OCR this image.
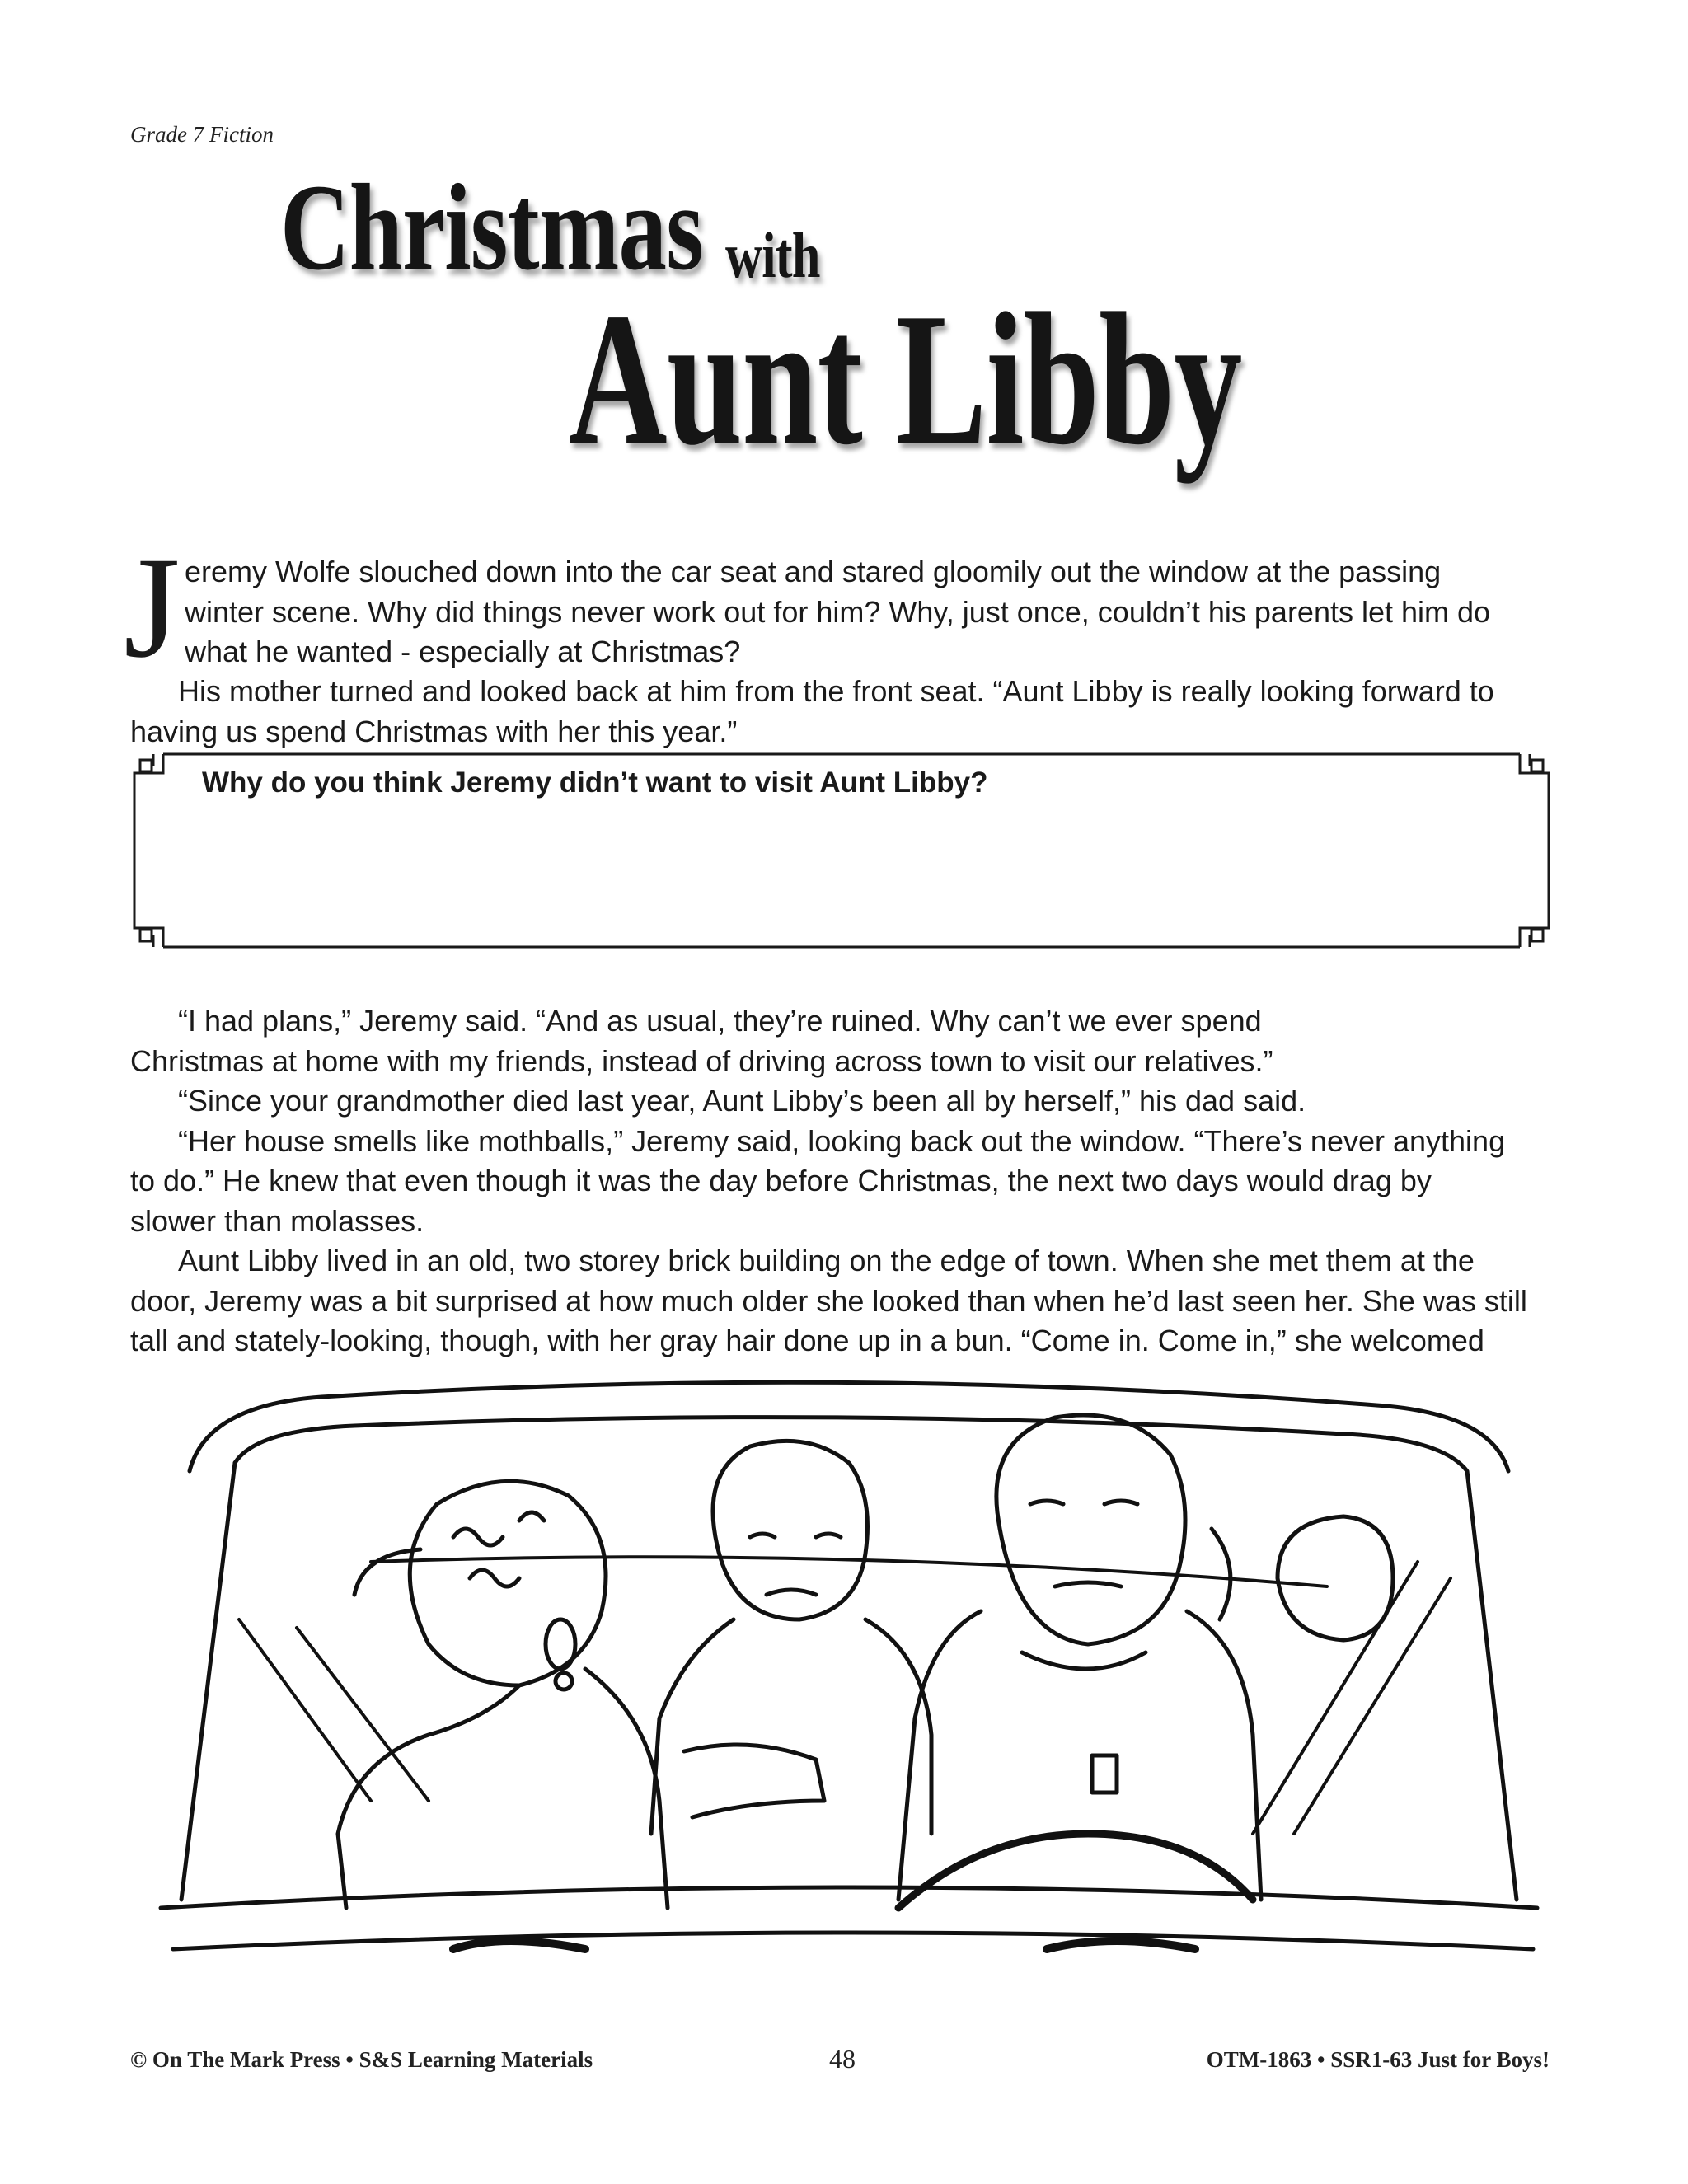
Grade 7 Fiction
Christmas with
Aunt Libby
J eremy Wolfe slouched down into the car seat and stared gloomily out the window at the passing
winter scene. Why did things never work out for him? Why, just once, couldn’t his parents let him do
what he wanted - especially at Christmas?
His mother turned and looked back at him from the front seat. “Aunt Libby is really looking forward to
having us spend Christmas with her this year.”
Why do you think Jeremy didn’t want to visit Aunt Libby?
“I had plans,” Jeremy said. “And as usual, they’re ruined. Why can’t we ever spend
Christmas at home with my friends, instead of driving across town to visit our relatives.”
“Since your grandmother died last year, Aunt Libby’s been all by herself,” his dad said.
“Her house smells like mothballs,” Jeremy said, looking back out the window. “There’s never anything
to do.” He knew that even though it was the day before Christmas, the next two days would drag by
slower than molasses.
Aunt Libby lived in an old, two storey brick building on the edge of town. When she met them at the
door, Jeremy was a bit surprised at how much older she looked than when he’d last seen her. She was still
tall and stately-looking, though, with her gray hair done up in a bun. “Come in. Come in,” she welcomed
© On The Mark Press • S&S Learning Materials	48	OTM-1863 • SSR1-63 Just for Boys!
